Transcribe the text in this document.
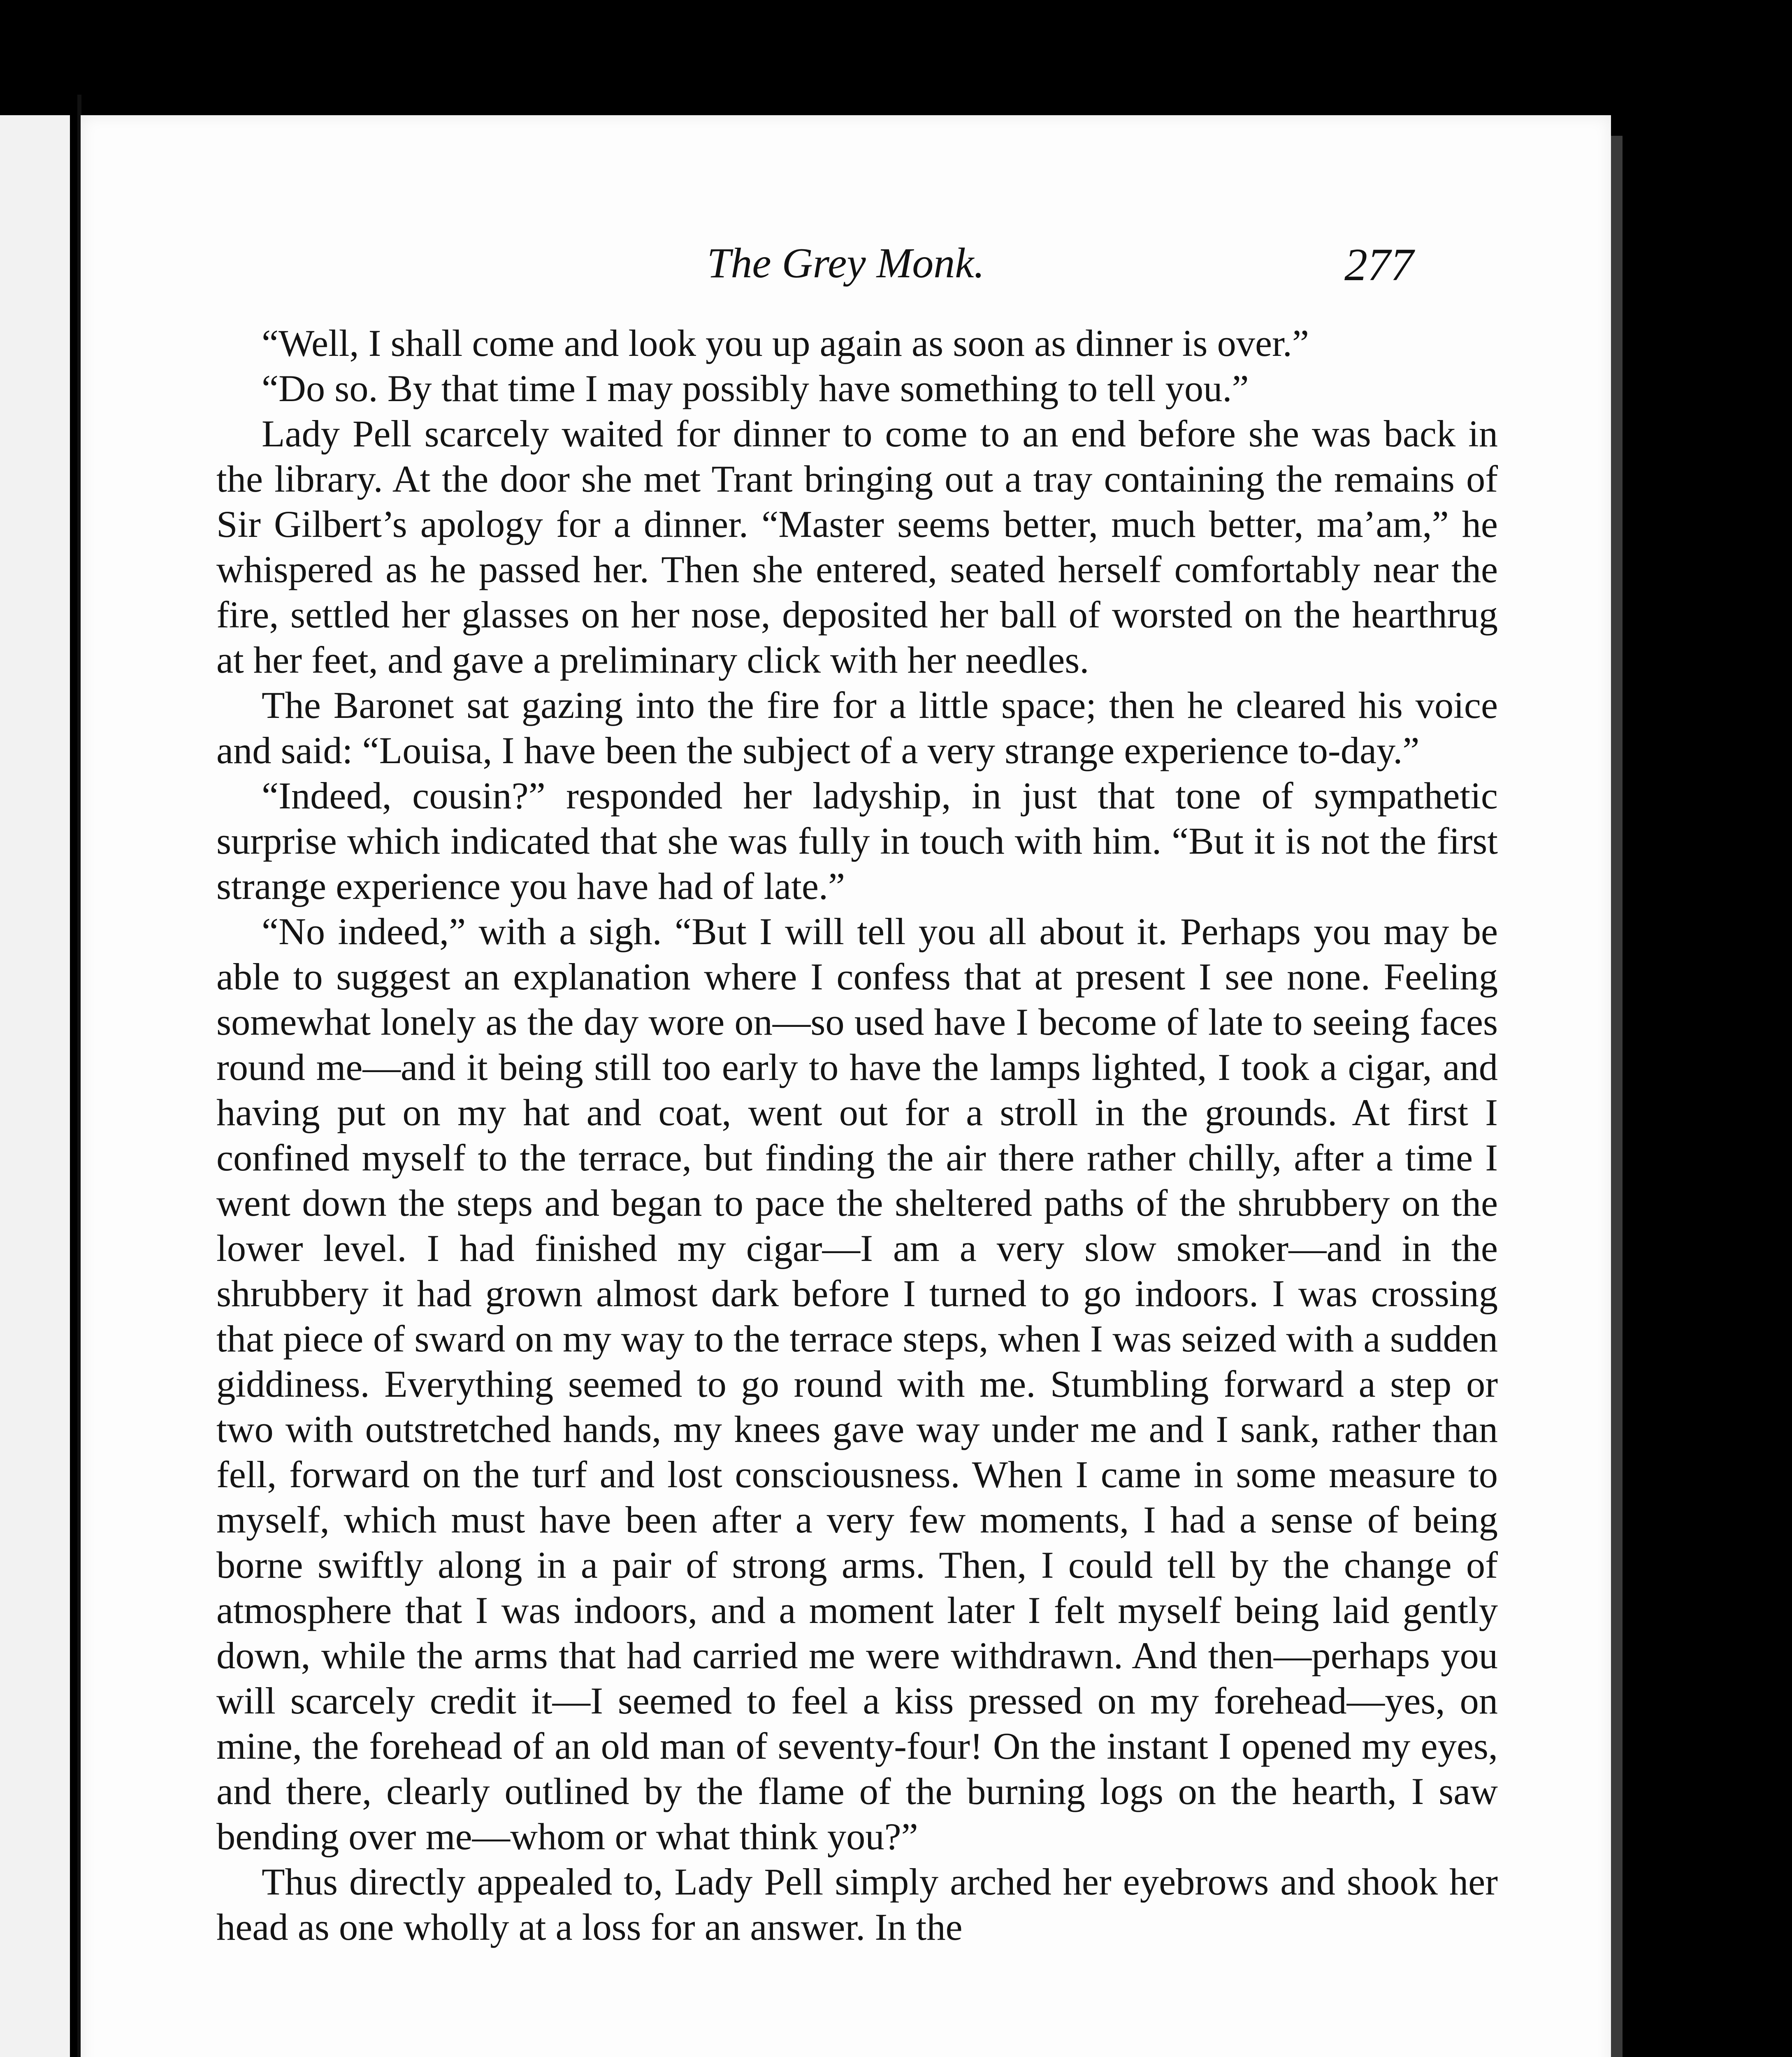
The Grey Monk.	277

“Well, I shall come and look you up again as soon as dinner is over.”

“Do so. By that time I may possibly have something to tell you.”

Lady Pell scarcely waited for dinner to come to an end before she was back in the library. At the door she met Trant bringing out a tray containing the remains of Sir Gilbert’s apology for a dinner. “Master seems better, much better, ma’am,” he whispered as he passed her. Then she entered, seated herself comfortably near the fire, settled her glasses on her nose, deposited her ball of worsted on the hearthrug at her feet, and gave a preliminary click with her needles.

The Baronet sat gazing into the fire for a little space; then he cleared his voice and said: “Louisa, I have been the subject of a very strange experience to-day.”

“Indeed, cousin?” responded her ladyship, in just that tone of sympathetic surprise which indicated that she was fully in touch with him. “But it is not the first strange experience you have had of late.”

“No indeed,” with a sigh. “But I will tell you all about it. Perhaps you may be able to suggest an explanation where I confess that at present I see none. Feeling somewhat lonely as the day wore on—so used have I become of late to seeing faces round me—and it being still too early to have the lamps lighted, I took a cigar, and having put on my hat and coat, went out for a stroll in the grounds. At first I confined myself to the terrace, but finding the air there rather chilly, after a time I went down the steps and began to pace the sheltered paths of the shrubbery on the lower level. I had finished my cigar—I am a very slow smoker—and in the shrubbery it had grown almost dark before I turned to go indoors. I was crossing that piece of sward on my way to the terrace steps, when I was seized with a sudden giddiness. Everything seemed to go round with me. Stumbling forward a step or two with outstretched hands, my knees gave way under me and I sank, rather than fell, forward on the turf and lost consciousness. When I came in some measure to myself, which must have been after a very few moments, I had a sense of being borne swiftly along in a pair of strong arms. Then, I could tell by the change of atmosphere that I was indoors, and a moment later I felt myself being laid gently down, while the arms that had carried me were withdrawn. And then—perhaps you will scarcely credit it—I seemed to feel a kiss pressed on my forehead—yes, on mine, the forehead of an old man of seventy-four! On the instant I opened my eyes, and there, clearly outlined by the flame of the burning logs on the hearth, I saw bending over me—whom or what think you?”

Thus directly appealed to, Lady Pell simply arched her eyebrows and shook her head as one wholly at a loss for an answer. In the
